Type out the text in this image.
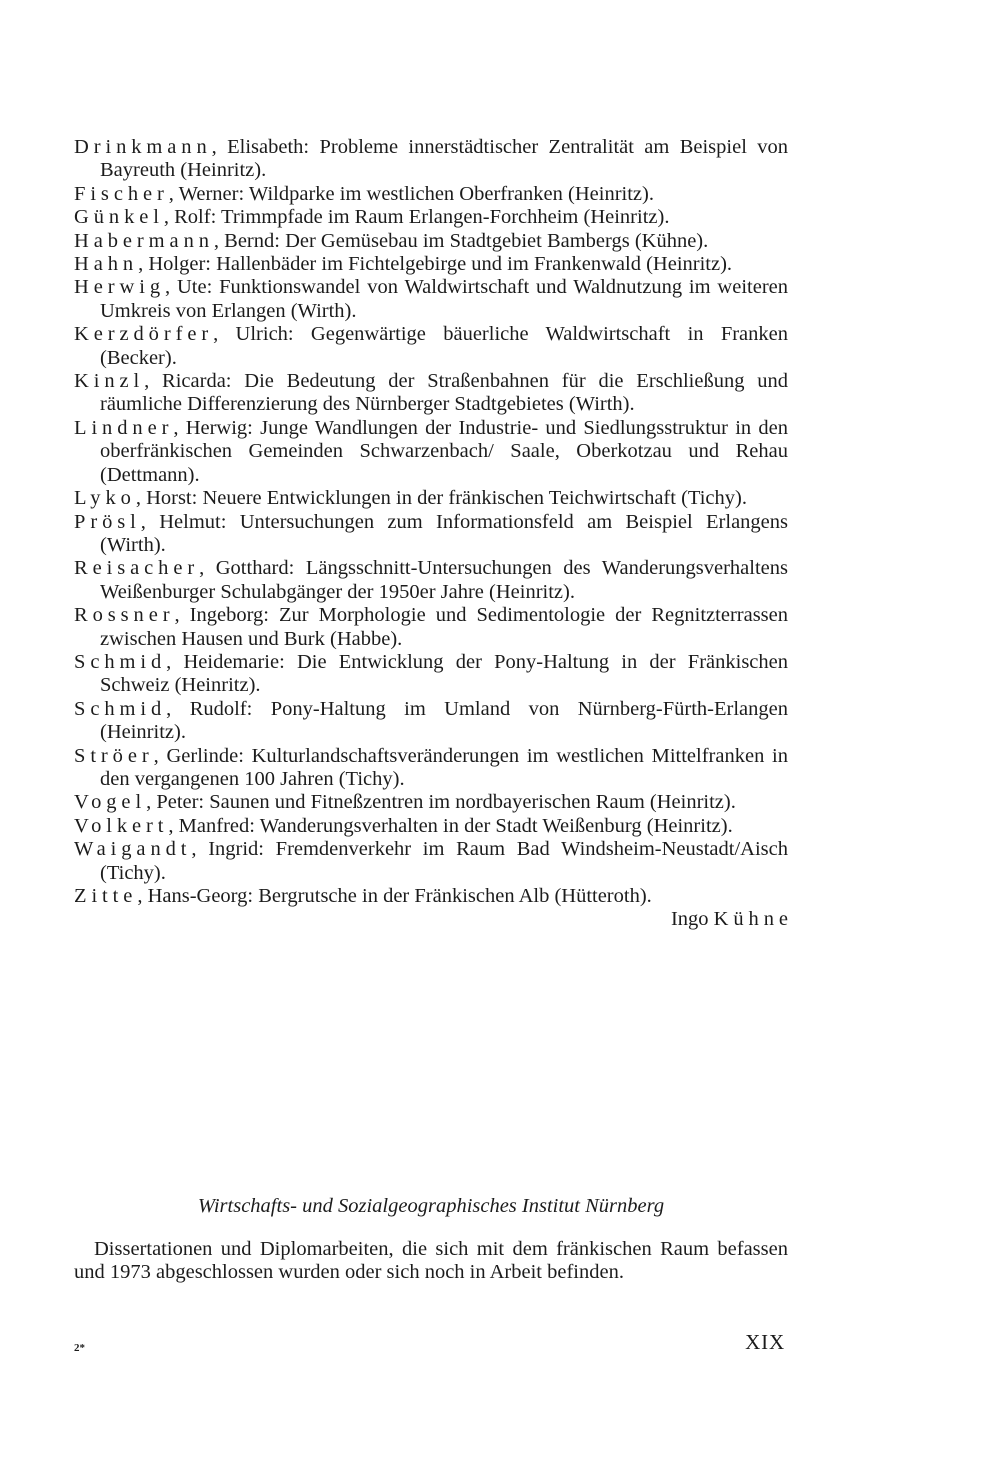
Drinkmann, Elisabeth: Probleme innerstädtischer Zentralität am Beispiel von Bayreuth (Heinritz).
Fischer, Werner: Wildparke im westlichen Oberfranken (Heinritz).
Günkel, Rolf: Trimmpfade im Raum Erlangen-Forchheim (Heinritz).
Habermann, Bernd: Der Gemüsebau im Stadtgebiet Bambergs (Kühne).
Hahn, Holger: Hallenbäder im Fichtelgebirge und im Frankenwald (Heinritz).
Herwig, Ute: Funktionswandel von Waldwirtschaft und Waldnutzung im weiteren Umkreis von Erlangen (Wirth).
Kerzdörfer, Ulrich: Gegenwärtige bäuerliche Waldwirtschaft in Franken (Becker).
Kinzl, Ricarda: Die Bedeutung der Straßenbahnen für die Erschließung und räumliche Differenzierung des Nürnberger Stadtgebietes (Wirth).
Lindner, Herwig: Junge Wandlungen der Industrie- und Siedlungsstruktur in den oberfränkischen Gemeinden Schwarzenbach/ Saale, Oberkotzau und Rehau (Dettmann).
Lyko, Horst: Neuere Entwicklungen in der fränkischen Teichwirtschaft (Tichy).
Prösl, Helmut: Untersuchungen zum Informationsfeld am Beispiel Erlangens (Wirth).
Reisacher, Gotthard: Längsschnitt-Untersuchungen des Wanderungsverhaltens Weißenburger Schulabgänger der 1950er Jahre (Heinritz).
Rossner, Ingeborg: Zur Morphologie und Sedimentologie der Regnitzterrassen zwischen Hausen und Burk (Habbe).
Schmid, Heidemarie: Die Entwicklung der Pony-Haltung in der Fränkischen Schweiz (Heinritz).
Schmid, Rudolf: Pony-Haltung im Umland von Nürnberg-Fürth-Erlangen (Heinritz).
Ströer, Gerlinde: Kulturlandschaftsveränderungen im westlichen Mittelfranken in den vergangenen 100 Jahren (Tichy).
Vogel, Peter: Saunen und Fitneßzentren im nordbayerischen Raum (Heinritz).
Volkert, Manfred: Wanderungsverhalten in der Stadt Weißenburg (Heinritz).
Waigandt, Ingrid: Fremdenverkehr im Raum Bad Windsheim-Neustadt/Aisch (Tichy).
Zitte, Hans-Georg: Bergrutsche in der Fränkischen Alb (Hütteroth).
Ingo Kühne
Wirtschafts- und Sozialgeographisches Institut Nürnberg
Dissertationen und Diplomarbeiten, die sich mit dem fränkischen Raum befassen und 1973 abgeschlossen wurden oder sich noch in Arbeit befinden.
2*	XIX
